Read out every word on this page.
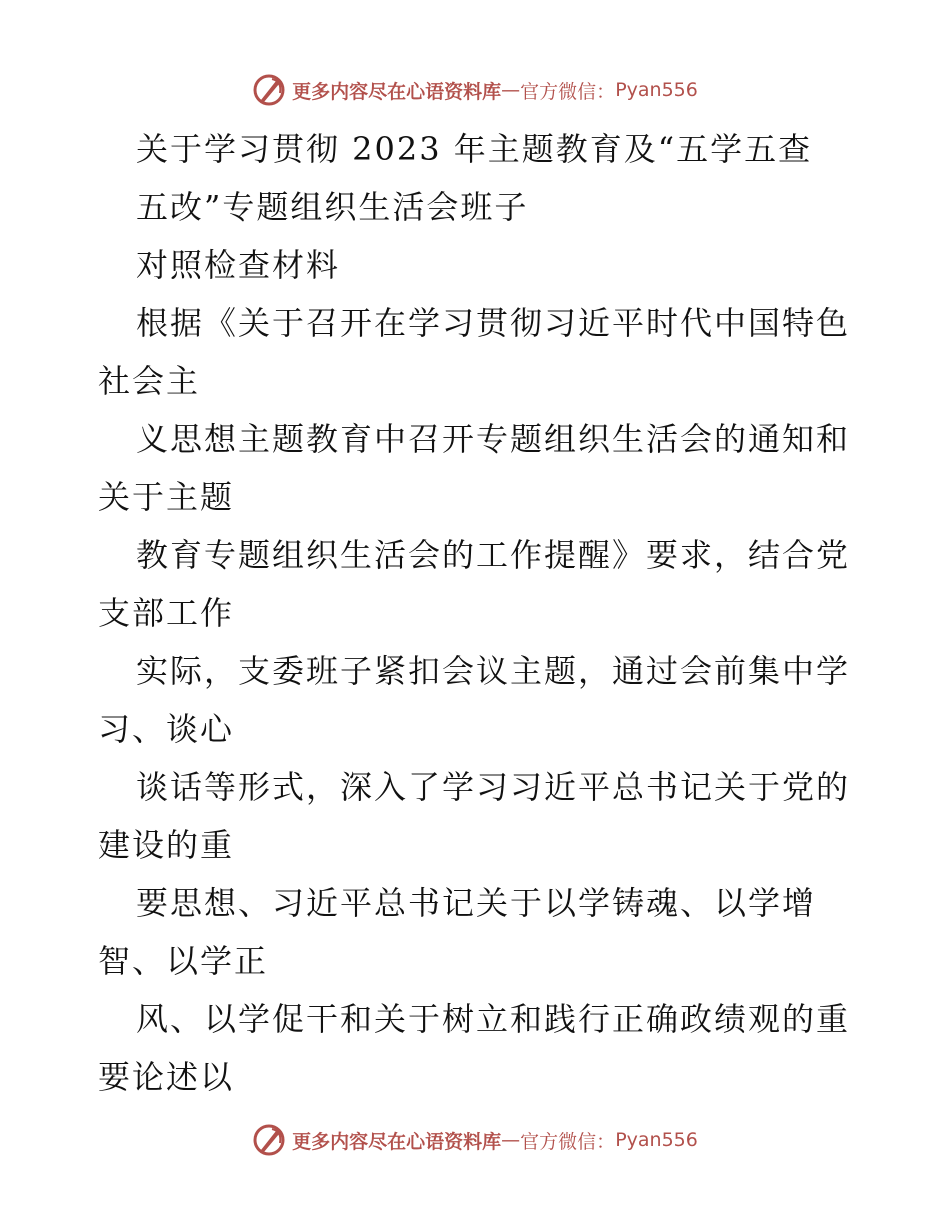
更多内容尽在心语资料库 — 官方微信： Pyan556
关于学习贯彻 2023 年主题教育及“五学五查
五改”专题组织生活会班子
对照检查材料
根据《关于召开在学习贯彻习近平时代中国特色
社会主
义思想主题教育中召开专题组织生活会的通知和
关于主题
教育专题组织生活会的工作提醒》要求，结合党
支部工作
实际，支委班子紧扣会议主题，通过会前集中学
习、谈心
谈话等形式，深入了学习习近平总书记关于党的
建设的重
要思想、习近平总书记关于以学铸魂、以学增
智、以学正
风、以学促干和关于树立和践行正确政绩观的重
要论述以
更多内容尽在心语资料库 — 官方微信： Pyan556
